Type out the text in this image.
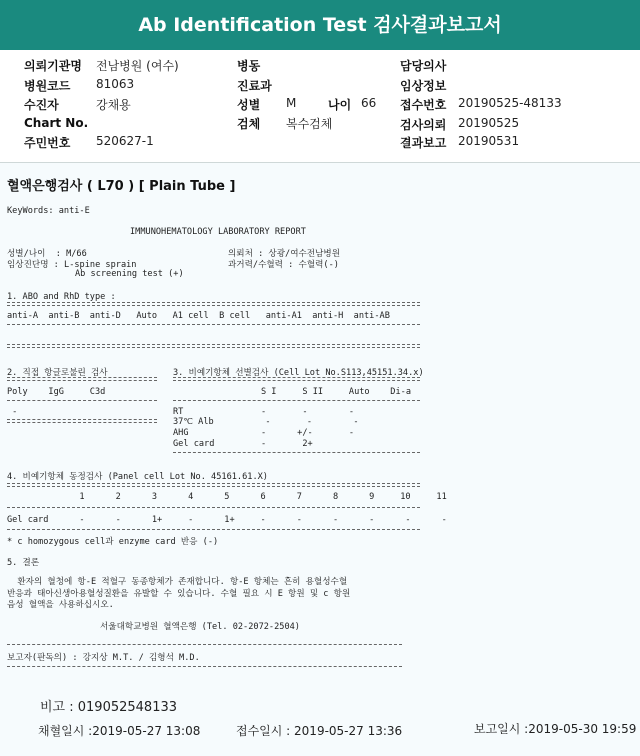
Ab Identification Test 검사결과보고서
의뢰기관명 전남병원 (여수)
병원코드 81063
수진자	강채용
Chart No.
주민번호 520627-1
병동
진료과
성별 M	나이 66
검체 복수검체
담당의사
임상정보
접수번호 20190525-48133
검사의뢰 20190525
결과보고 20190531
혈액은행검사 ( L70 ) [ Plain Tube ]
KeyWords: anti-E
IMMUNOHEMATOLOGY LABORATORY REPORT
성별/나이  : M/66	의뢰처 : 상광/여수전남병원
임상진단명 : L-spine sprain	과거력/수혈력 : 수혈력(-)
Ab screening test (+)
1. ABO and RhD type :
anti-A  anti-B  anti-D   Auto   A1 cell  B cell   anti-A1  anti-H  anti-AB
2. 직접 항글로불린 검사
Poly    IgG     C3d
-
3. 비예기항체 선별검사 (Cell Lot No.S113,45151.34.x)
S I     S II     Auto    Di-a
RT               -       -        -
37℃ Alb          -       -        -
AHG              -      +/-       -
Gel card         -       2+
4. 비예기항체 동정검사 (Panel cell Lot No. 45161.61.X)
1      2      3      4      5      6      7      8      9     10     11
Gel card      -      -      1+     -      1+     -      -      -      -      -      -
* c homozygous cell과 enzyme card 반응 (-)
5. 결론
환자의 혈청에 항-E 적혈구 동종항체가 존재합니다. 항-E 항체는 흔히 용혈성수혈
반응과 태아신생아용혈성질환을 유발할 수 있습니다. 수혈 필요 시 E 항원 및 c 항원
음성 혈액을 사용하십시오.
서울대학교병원 혈액은행 (Tel. 02-2072-2504)
보고자(판독의) : 강지상 M.T. / 김형석 M.D.
비고 : 019052548133
채혈일시 :2019-05-27 13:08	접수일시 : 2019-05-27 13:36	보고일시 :2019-05-30 19:59
